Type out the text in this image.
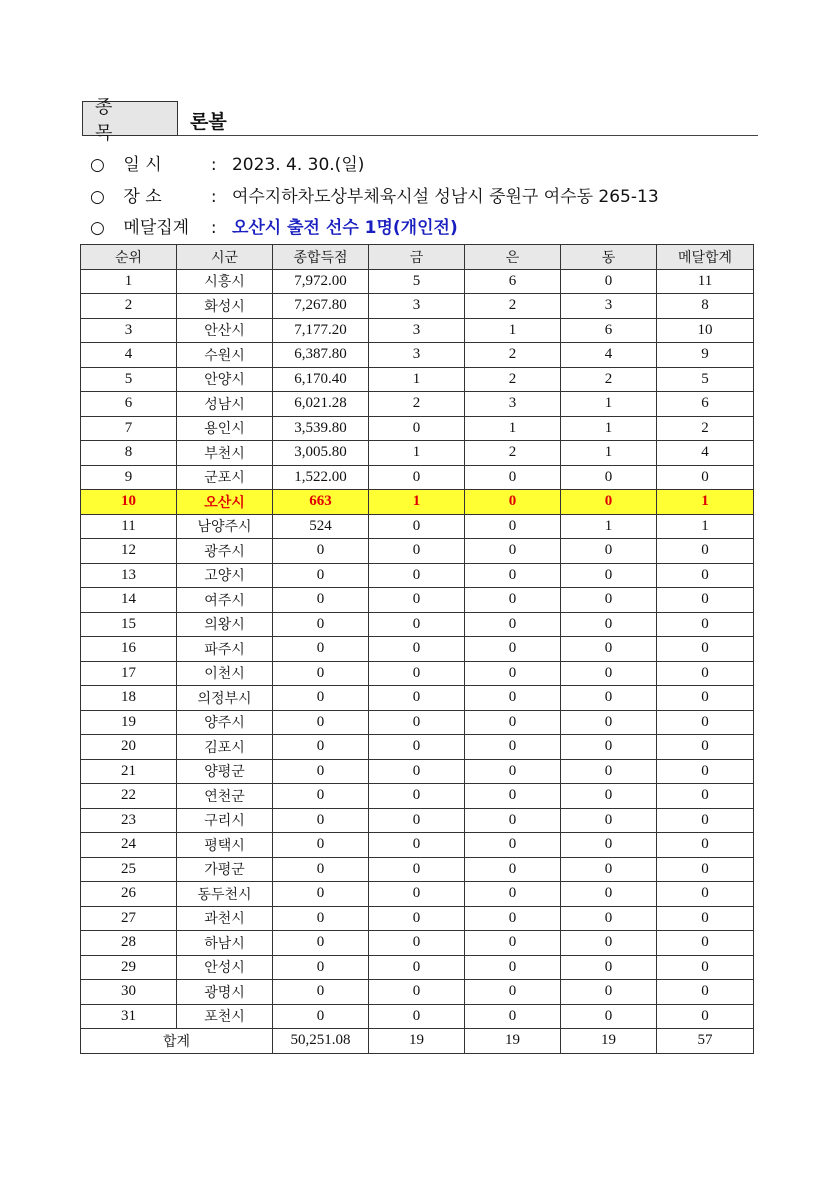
종 목	론볼
○ 일 시	: 2023. 4. 30.(일)
○ 장 소	: 여수지하차도상부체육시설 성남시 중원구 여수동 265-13
○ 메달집계 : 오산시 출전 선수 1명(개인전)
순위	시군	종합득점	금	은	동	메달합계
1	시흥시	7,972.00	5	6	0	11
2	화성시	7,267.80	3	2	3	8
3	안산시	7,177.20	3	1	6	10
4	수원시	6,387.80	3	2	4	9
5	안양시	6,170.40	1	2	2	5
6	성남시	6,021.28	2	3	1	6
7	용인시	3,539.80	0	1	1	2
8	부천시	3,005.80	1	2	1	4
9	군포시	1,522.00	0	0	0	0
10	오산시	663	1	0	0	1
11	남양주시	524	0	0	1	1
12	광주시	0	0	0	0	0
13	고양시	0	0	0	0	0
14	여주시	0	0	0	0	0
15	의왕시	0	0	0	0	0
16	파주시	0	0	0	0	0
17	이천시	0	0	0	0	0
18	의정부시	0	0	0	0	0
19	양주시	0	0	0	0	0
20	김포시	0	0	0	0	0
21	양평군	0	0	0	0	0
22	연천군	0	0	0	0	0
23	구리시	0	0	0	0	0
24	평택시	0	0	0	0	0
25	가평군	0	0	0	0	0
26	동두천시	0	0	0	0	0
27	과천시	0	0	0	0	0
28	하남시	0	0	0	0	0
29	안성시	0	0	0	0	0
30	광명시	0	0	0	0	0
31	포천시	0	0	0	0	0
합계		50,251.08	19	19	19	57
